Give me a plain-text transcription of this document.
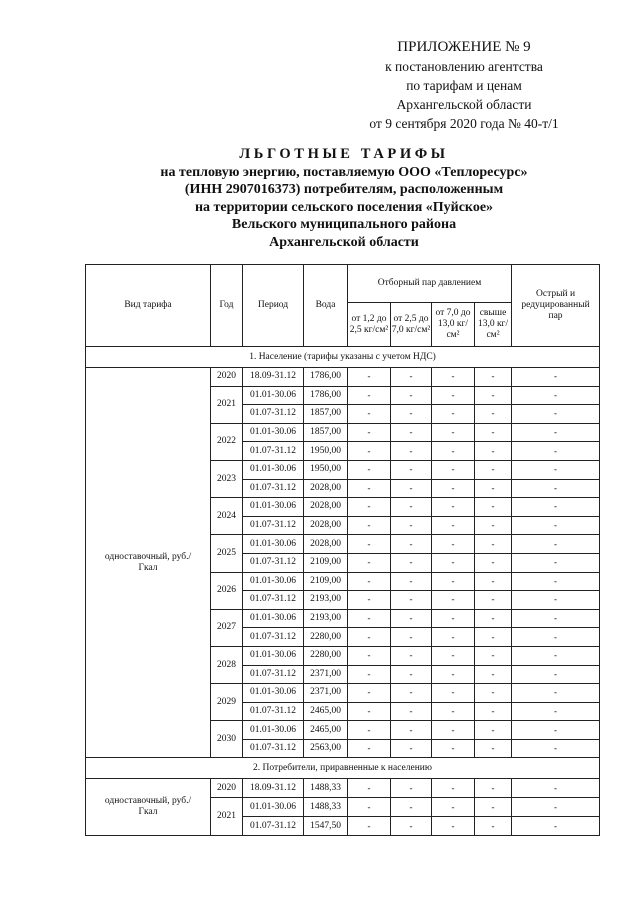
ПРИЛОЖЕНИЕ № 9
к постановлению агентства
по тарифам и ценам
Архангельской области
от 9 сентября 2020 года № 40-т/1
ЛЬГОТНЫЕ ТАРИФЫ
на тепловую энергию, поставляемую ООО «Теплоресурс»
(ИНН 2907016373) потребителям, расположенным
на территории сельского поселения «Пуйское»
Вельского муниципального района
Архангельской области
Вид тарифа	Год	Период	Вода	Отборный пар давлением				Острый и редуцированный пар
				от 1,2 до 2,5 кг/см²	от 2,5 до 7,0 кг/см²	от 7,0 до 13,0 кг/см²	свыше 13,0 кг/см²	
1. Население (тарифы указаны с учетом НДС)								
одноставочный, руб./Гкал	2020	18.09-31.12	1786,00	-	-	-	-	-
	2021	01.01-30.06	1786,00	-	-	-	-	-
		01.07-31.12	1857,00	-	-	-	-	-
	2022	01.01-30.06	1857,00	-	-	-	-	-
		01.07-31.12	1950,00	-	-	-	-	-
	2023	01.01-30.06	1950,00	-	-	-	-	-
		01.07-31.12	2028,00	-	-	-	-	-
	2024	01.01-30.06	2028,00	-	-	-	-	-
		01.07-31.12	2028,00	-	-	-	-	-
	2025	01.01-30.06	2028,00	-	-	-	-	-
		01.07-31.12	2109,00	-	-	-	-	-
	2026	01.01-30.06	2109,00	-	-	-	-	-
		01.07-31.12	2193,00	-	-	-	-	-
	2027	01.01-30.06	2193,00	-	-	-	-	-
		01.07-31.12	2280,00	-	-	-	-	-
	2028	01.01-30.06	2280,00	-	-	-	-	-
		01.07-31.12	2371,00	-	-	-	-	-
	2029	01.01-30.06	2371,00	-	-	-	-	-
		01.07-31.12	2465,00	-	-	-	-	-
	2030	01.01-30.06	2465,00	-	-	-	-	-
		01.07-31.12	2563,00	-	-	-	-	-
2. Потребители, приравненные к населению								
одноставочный, руб./Гкал	2020	18.09-31.12	1488,33	-	-	-	-	-
	2021	01.01-30.06	1488,33	-	-	-	-	-
		01.07-31.12	1547,50	-	-	-	-	-
